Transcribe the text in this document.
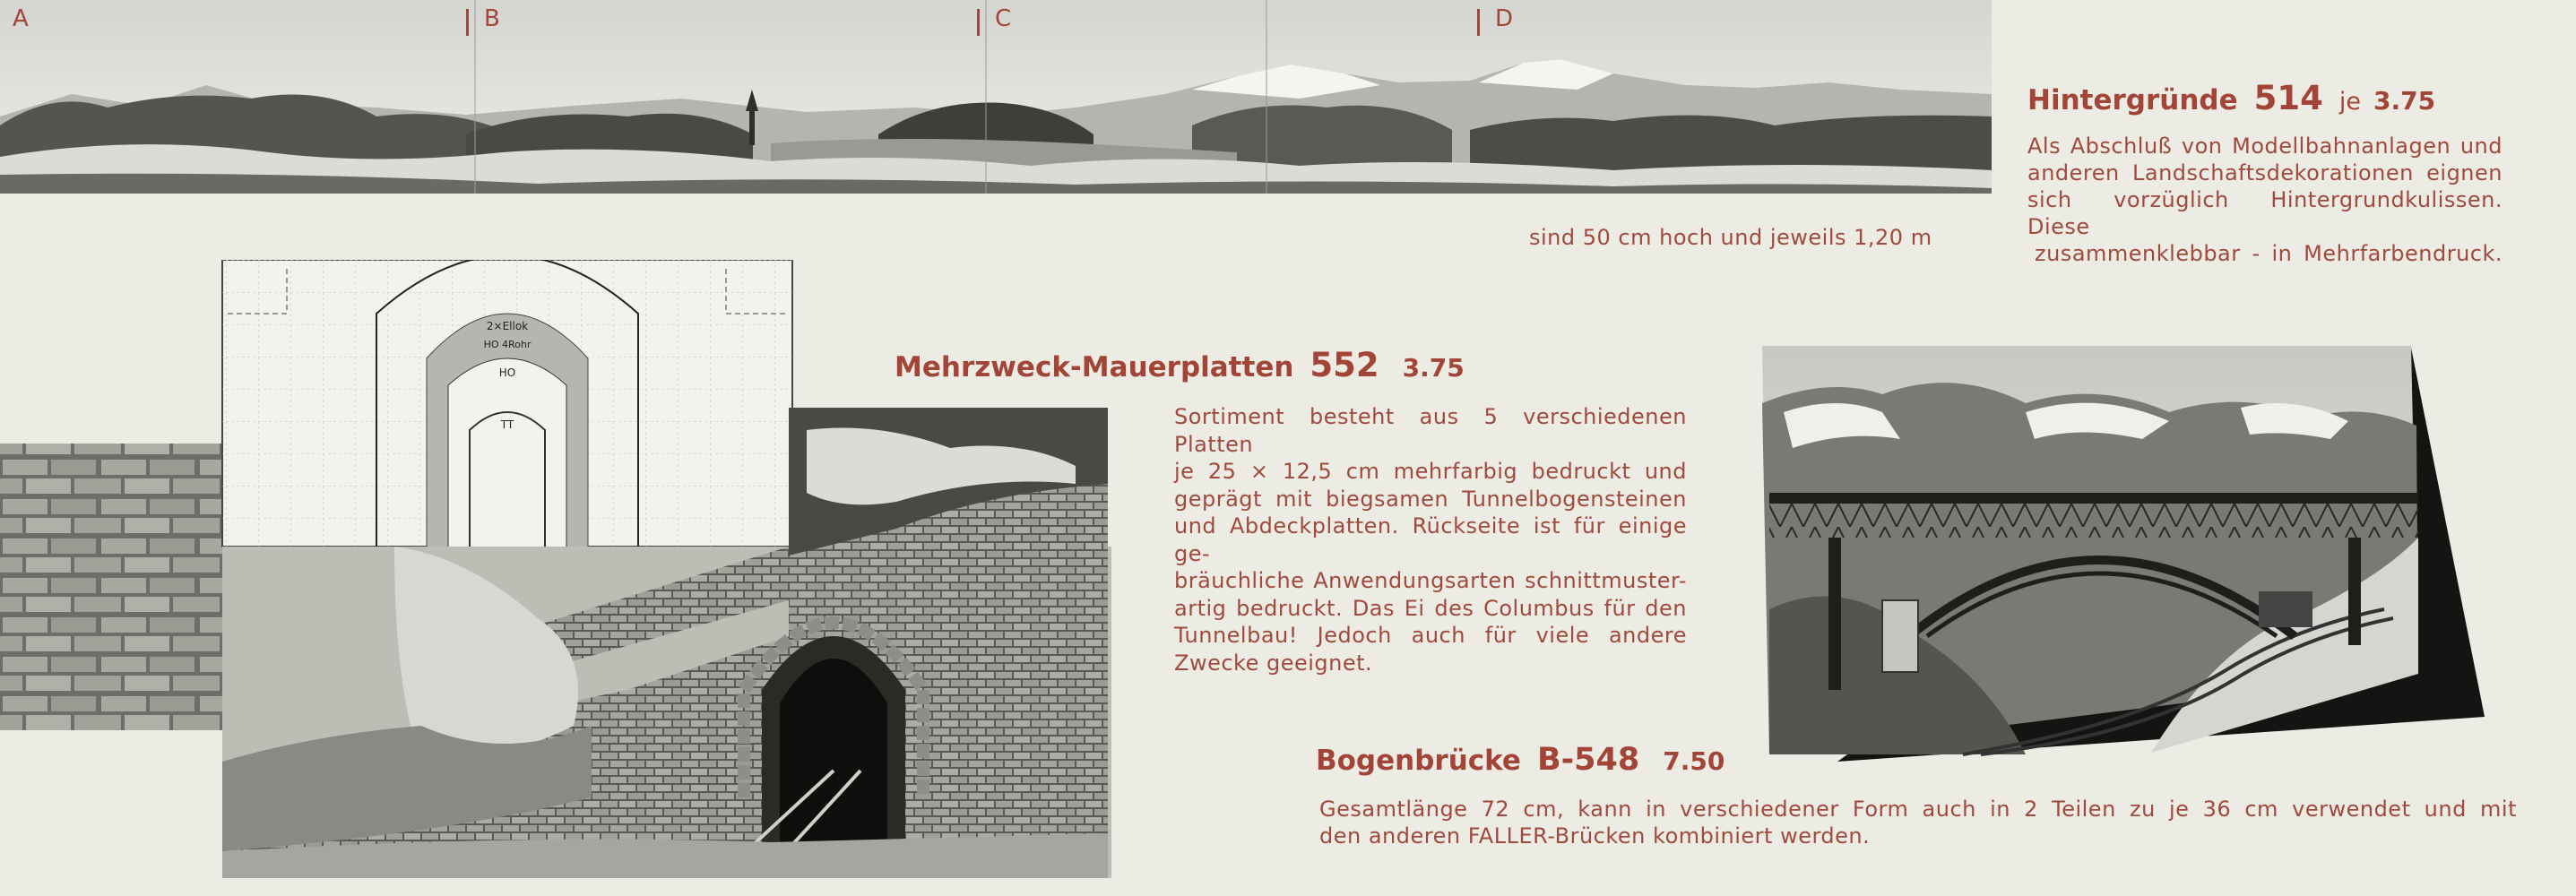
A	B	C	D
Hintergründe 514 je 3.75

Als Abschluß von Modellbahnanlagen und

anderen Landschaftsdekorationen eignen

sich vorzüglich Hintergrundkulissen. Diese

zusammenklebbar - in Mehrfarbendruck.

sind 50 cm hoch und jeweils 1,20 m
2×Ellok
HO 4Rohr
HO
TT
Mehrzweck-Mauerplatten 552 3.75

Sortiment besteht aus 5 verschiedenen Platten

je 25 ⨯ 12,5 cm mehrfarbig bedruckt und

geprägt mit biegsamen Tunnelbogensteinen

und Abdeckplatten. Rückseite ist für einige ge-

bräuchliche Anwendungsarten schnittmuster-

artig bedruckt. Das Ei des Columbus für den

Tunnelbau! Jedoch auch für viele andere

Zwecke geeignet.

Bogenbrücke B-548 7.50

Gesamtlänge 72 cm, kann in verschiedener Form auch in 2 Teilen zu je 36 cm verwendet und mit

den anderen FALLER-Brücken kombiniert werden.
